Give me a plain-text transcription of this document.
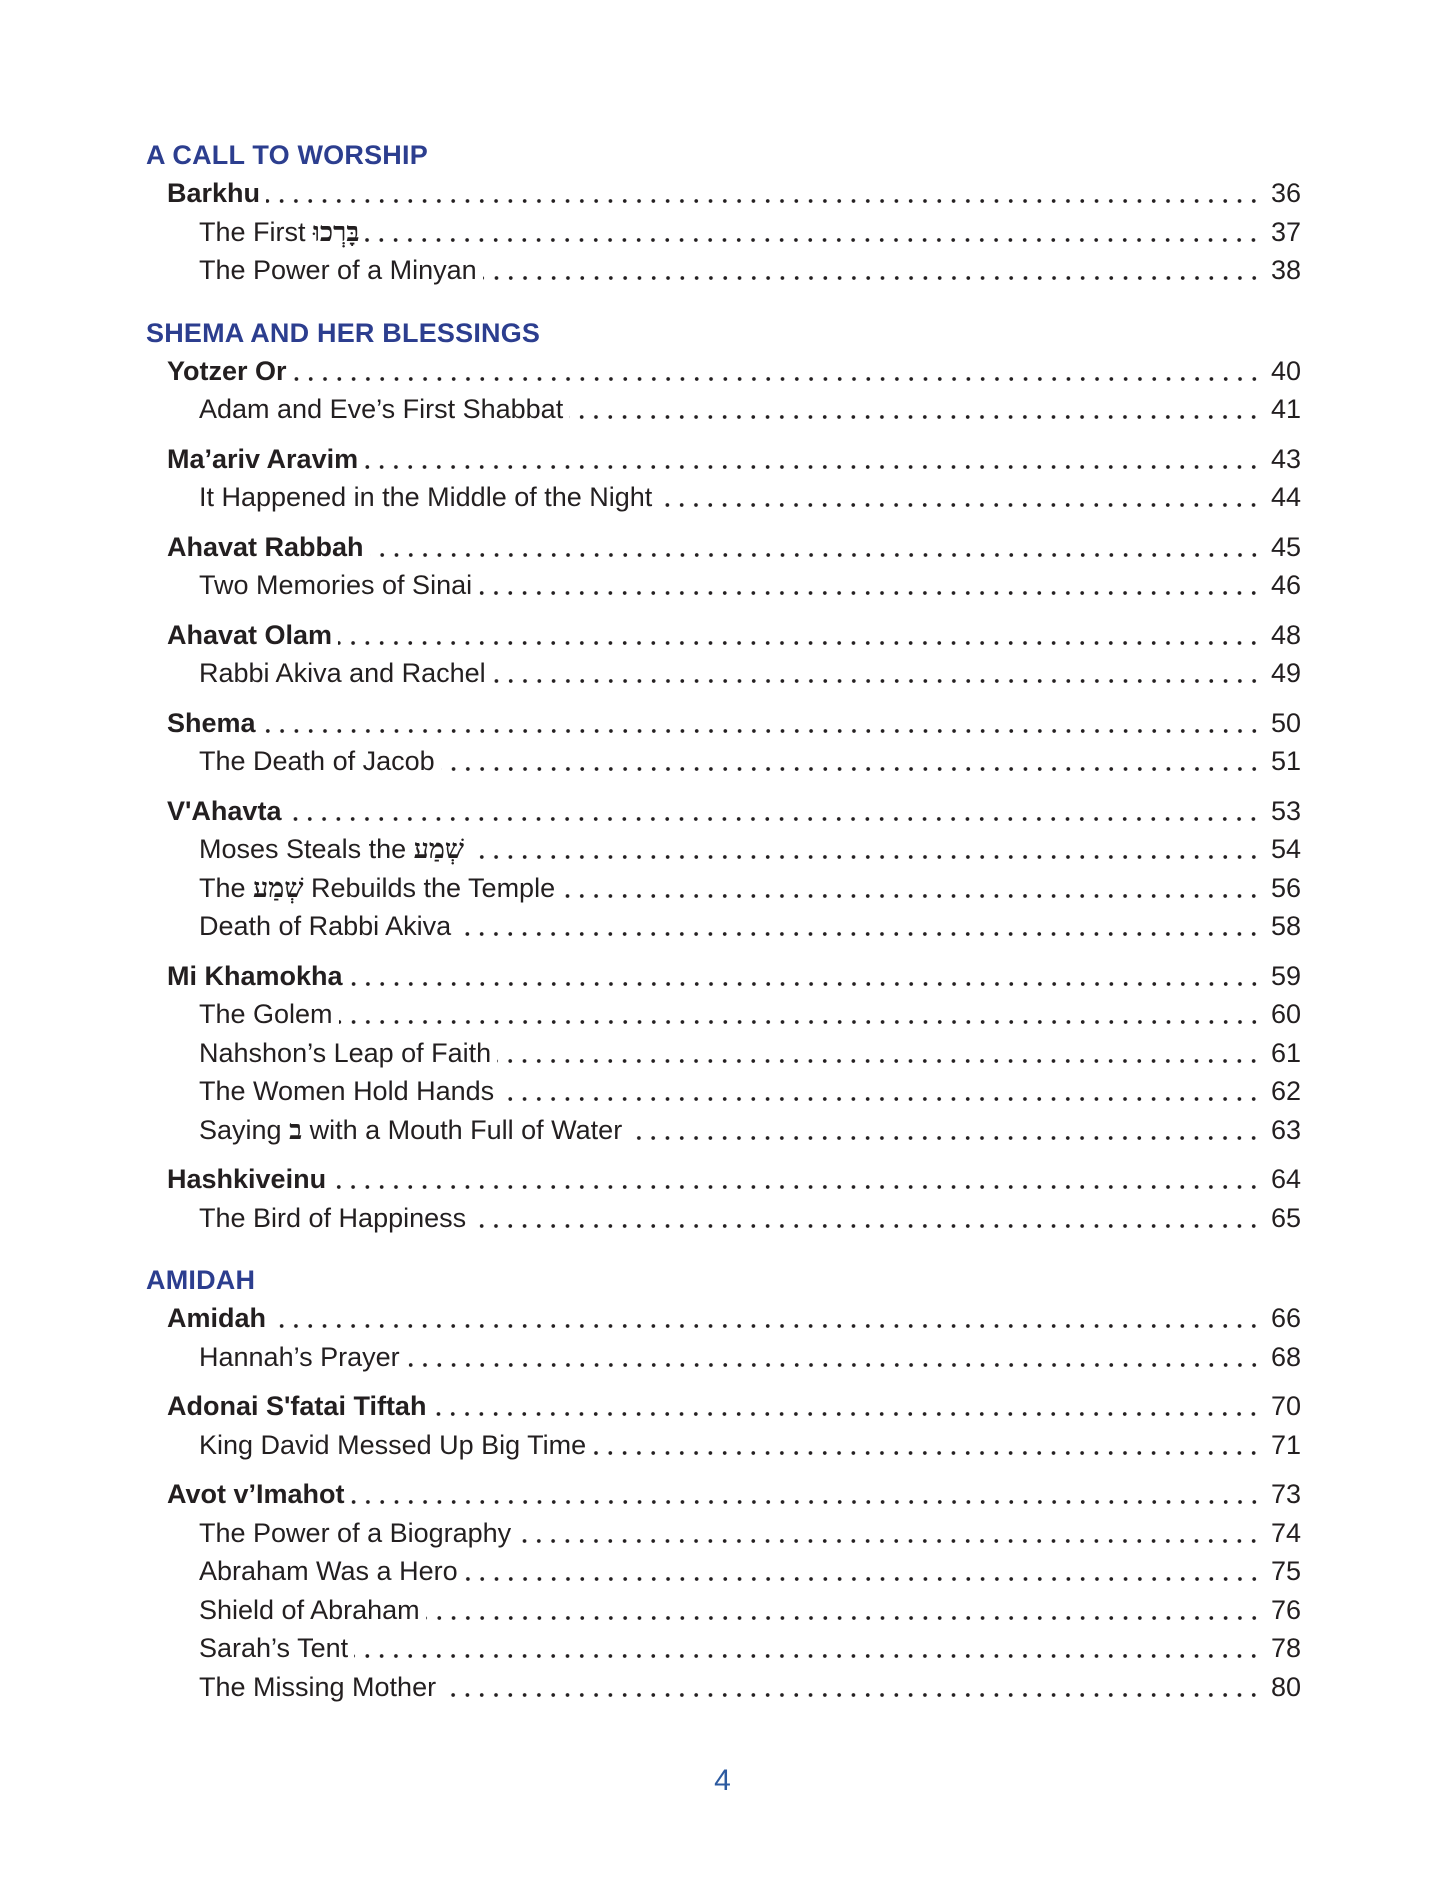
A CALL TO WORSHIP
Barkhu	36
The First בָּרְכוּ	37
The Power of a Minyan	38
SHEMA AND HER BLESSINGS
Yotzer Or	40
Adam and Eve’s First Shabbat	41
Ma’ariv Aravim	43
It Happened in the Middle of the Night	44
Ahavat Rabbah	45
Two Memories of Sinai	46
Ahavat Olam	48
Rabbi Akiva and Rachel	49
Shema	50
The Death of Jacob	51
V'Ahavta	53
Moses Steals the שְׁמַע	54
The שְׁמַע Rebuilds the Temple	56
Death of Rabbi Akiva	58
Mi Khamokha	59
The Golem	60
Nahshon’s Leap of Faith	61
The Women Hold Hands	62
Saying ב with a Mouth Full of Water	63
Hashkiveinu	64
The Bird of Happiness	65
AMIDAH
Amidah	66
Hannah’s Prayer	68
Adonai S'fatai Tiftah	70
King David Messed Up Big Time	71
Avot v’Imahot	73
The Power of a Biography	74
Abraham Was a Hero	75
Shield of Abraham	76
Sarah’s Tent	78
The Missing Mother	80
4
